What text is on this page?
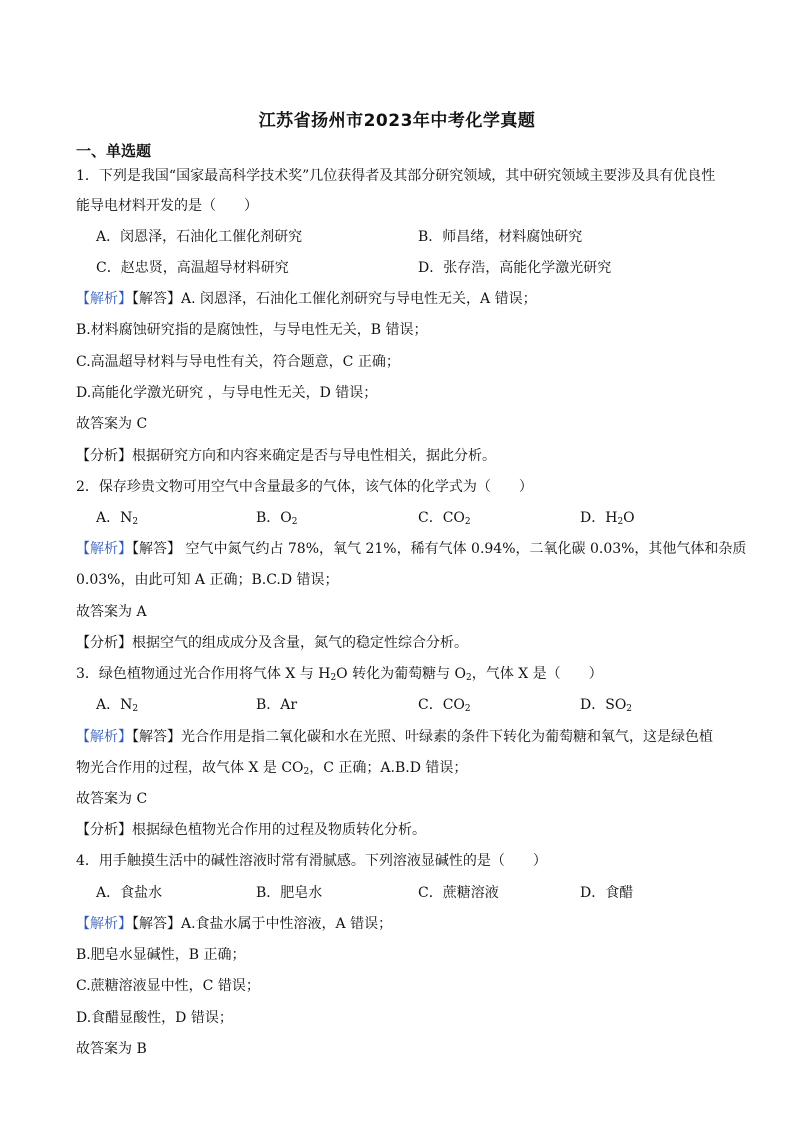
江苏省扬州市2023年中考化学真题
一、单选题
1．下列是我国“国家最高科学技术奖”几位获得者及其部分研究领域，其中研究领域主要涉及具有优良性
能导电材料开发的是（　　）
A．闵恩泽，石油化工催化剂研究	B．师昌绪，材料腐蚀研究
C．赵忠贤，高温超导材料研究	D．张存浩，高能化学激光研究
【解析】【解答】A. 闵恩泽，石油化工催化剂研究与导电性无关，A 错误；
B.材料腐蚀研究指的是腐蚀性，与导电性无关，B 错误；
C.高温超导材料与导电性有关，符合题意，C 正确；
D.高能化学激光研究 ，与导电性无关，D 错误；
故答案为 C
【分析】根据研究方向和内容来确定是否与导电性相关，据此分析。
2．保存珍贵文物可用空气中含量最多的气体，该气体的化学式为（　　）
A．$N_2$	B．$O_2$	C．$CO_2$	D．$H_2O$
【解析】【解答】 空气中氮气约占 78%，氧气 21%，稀有气体 0.94%，二氧化碳 0.03%，其他气体和杂质
0.03%，由此可知 A 正确；B.C.D 错误；
故答案为 A
【分析】根据空气的组成成分及含量，氮气的稳定性综合分析。
3．绿色植物通过光合作用将气体 X 与 $H_2O$ 转化为葡萄糖与 $O_2$，气体 X 是（　　）
A．$N_2$	B．Ar	C．$CO_2$	D．$SO_2$
【解析】【解答】光合作用是指二氧化碳和水在光照、叶绿素的条件下转化为葡萄糖和氧气，这是绿色植
物光合作用的过程，故气体 X 是 $CO_2$，C 正确；A.B.D 错误；
故答案为 C
【分析】根据绿色植物光合作用的过程及物质转化分析。
4．用手触摸生活中的碱性溶液时常有滑腻感。下列溶液显碱性的是（　　）
A．食盐水	B．肥皂水	C．蔗糖溶液	D．食醋
【解析】【解答】A.食盐水属于中性溶液，A 错误；
B.肥皂水显碱性，B 正确；
C.蔗糖溶液显中性，C 错误；
D.食醋显酸性，D 错误；
故答案为 B
